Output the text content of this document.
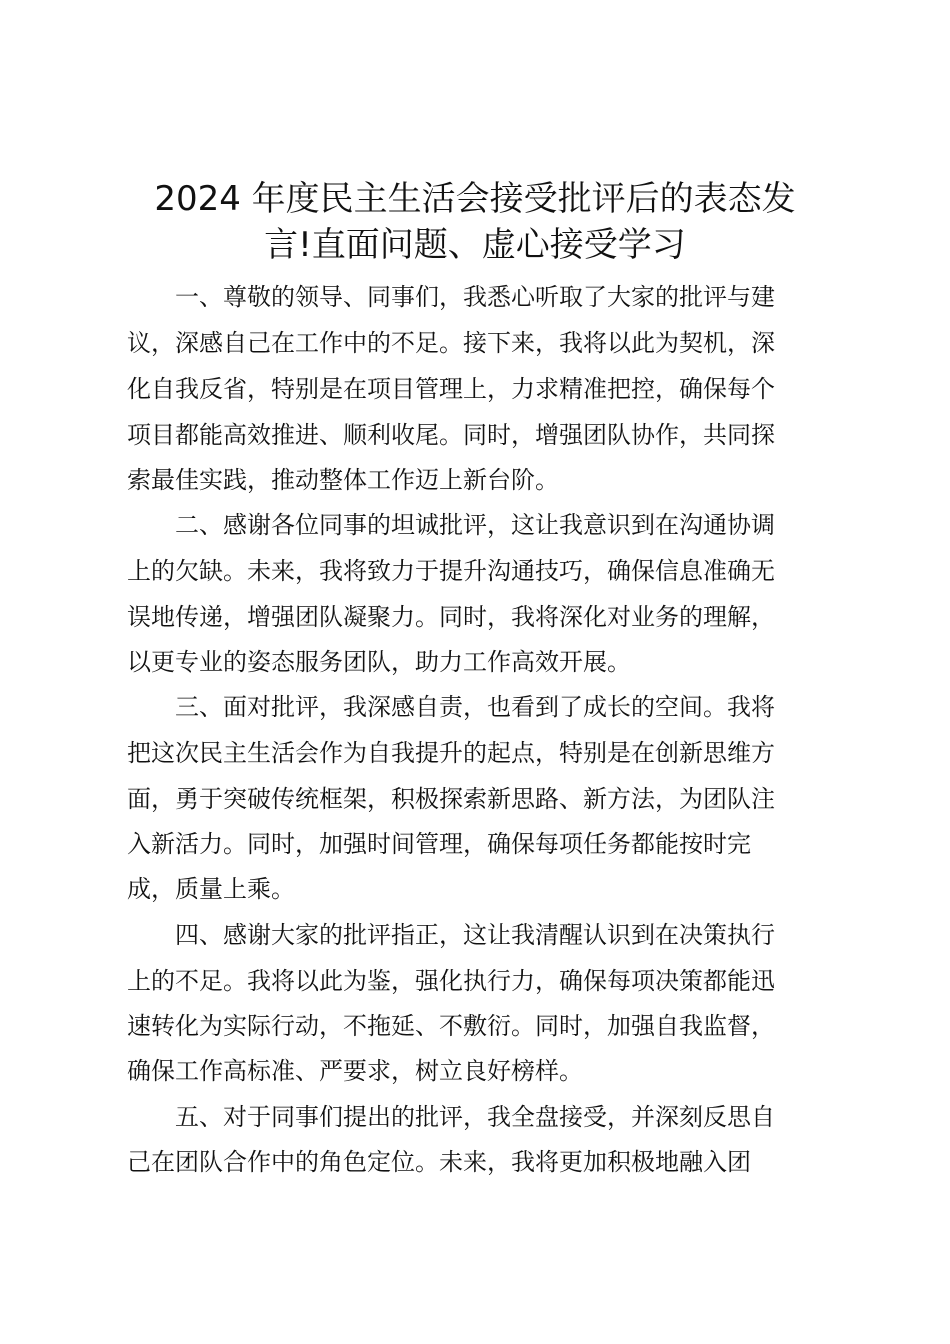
2024 年度民主生活会接受批评后的表态发
言!直面问题、虚心接受学习

一、尊敬的领导、同事们，我悉心听取了大家的批评与建

议，深感自己在工作中的不足。接下来，我将以此为契机，深

化自我反省，特别是在项目管理上，力求精准把控，确保每个

项目都能高效推进、顺利收尾。同时，增强团队协作，共同探

索最佳实践，推动整体工作迈上新台阶。

二、感谢各位同事的坦诚批评，这让我意识到在沟通协调

上的欠缺。未来，我将致力于提升沟通技巧，确保信息准确无

误地传递，增强团队凝聚力。同时，我将深化对业务的理解，

以更专业的姿态服务团队，助力工作高效开展。

三、面对批评，我深感自责，也看到了成长的空间。我将

把这次民主生活会作为自我提升的起点，特别是在创新思维方

面，勇于突破传统框架，积极探索新思路、新方法，为团队注

入新活力。同时，加强时间管理，确保每项任务都能按时完

成，质量上乘。

四、感谢大家的批评指正，这让我清醒认识到在决策执行

上的不足。我将以此为鉴，强化执行力，确保每项决策都能迅

速转化为实际行动，不拖延、不敷衍。同时，加强自我监督，

确保工作高标准、严要求，树立良好榜样。

五、对于同事们提出的批评，我全盘接受，并深刻反思自

己在团队合作中的角色定位。未来，我将更加积极地融入团
